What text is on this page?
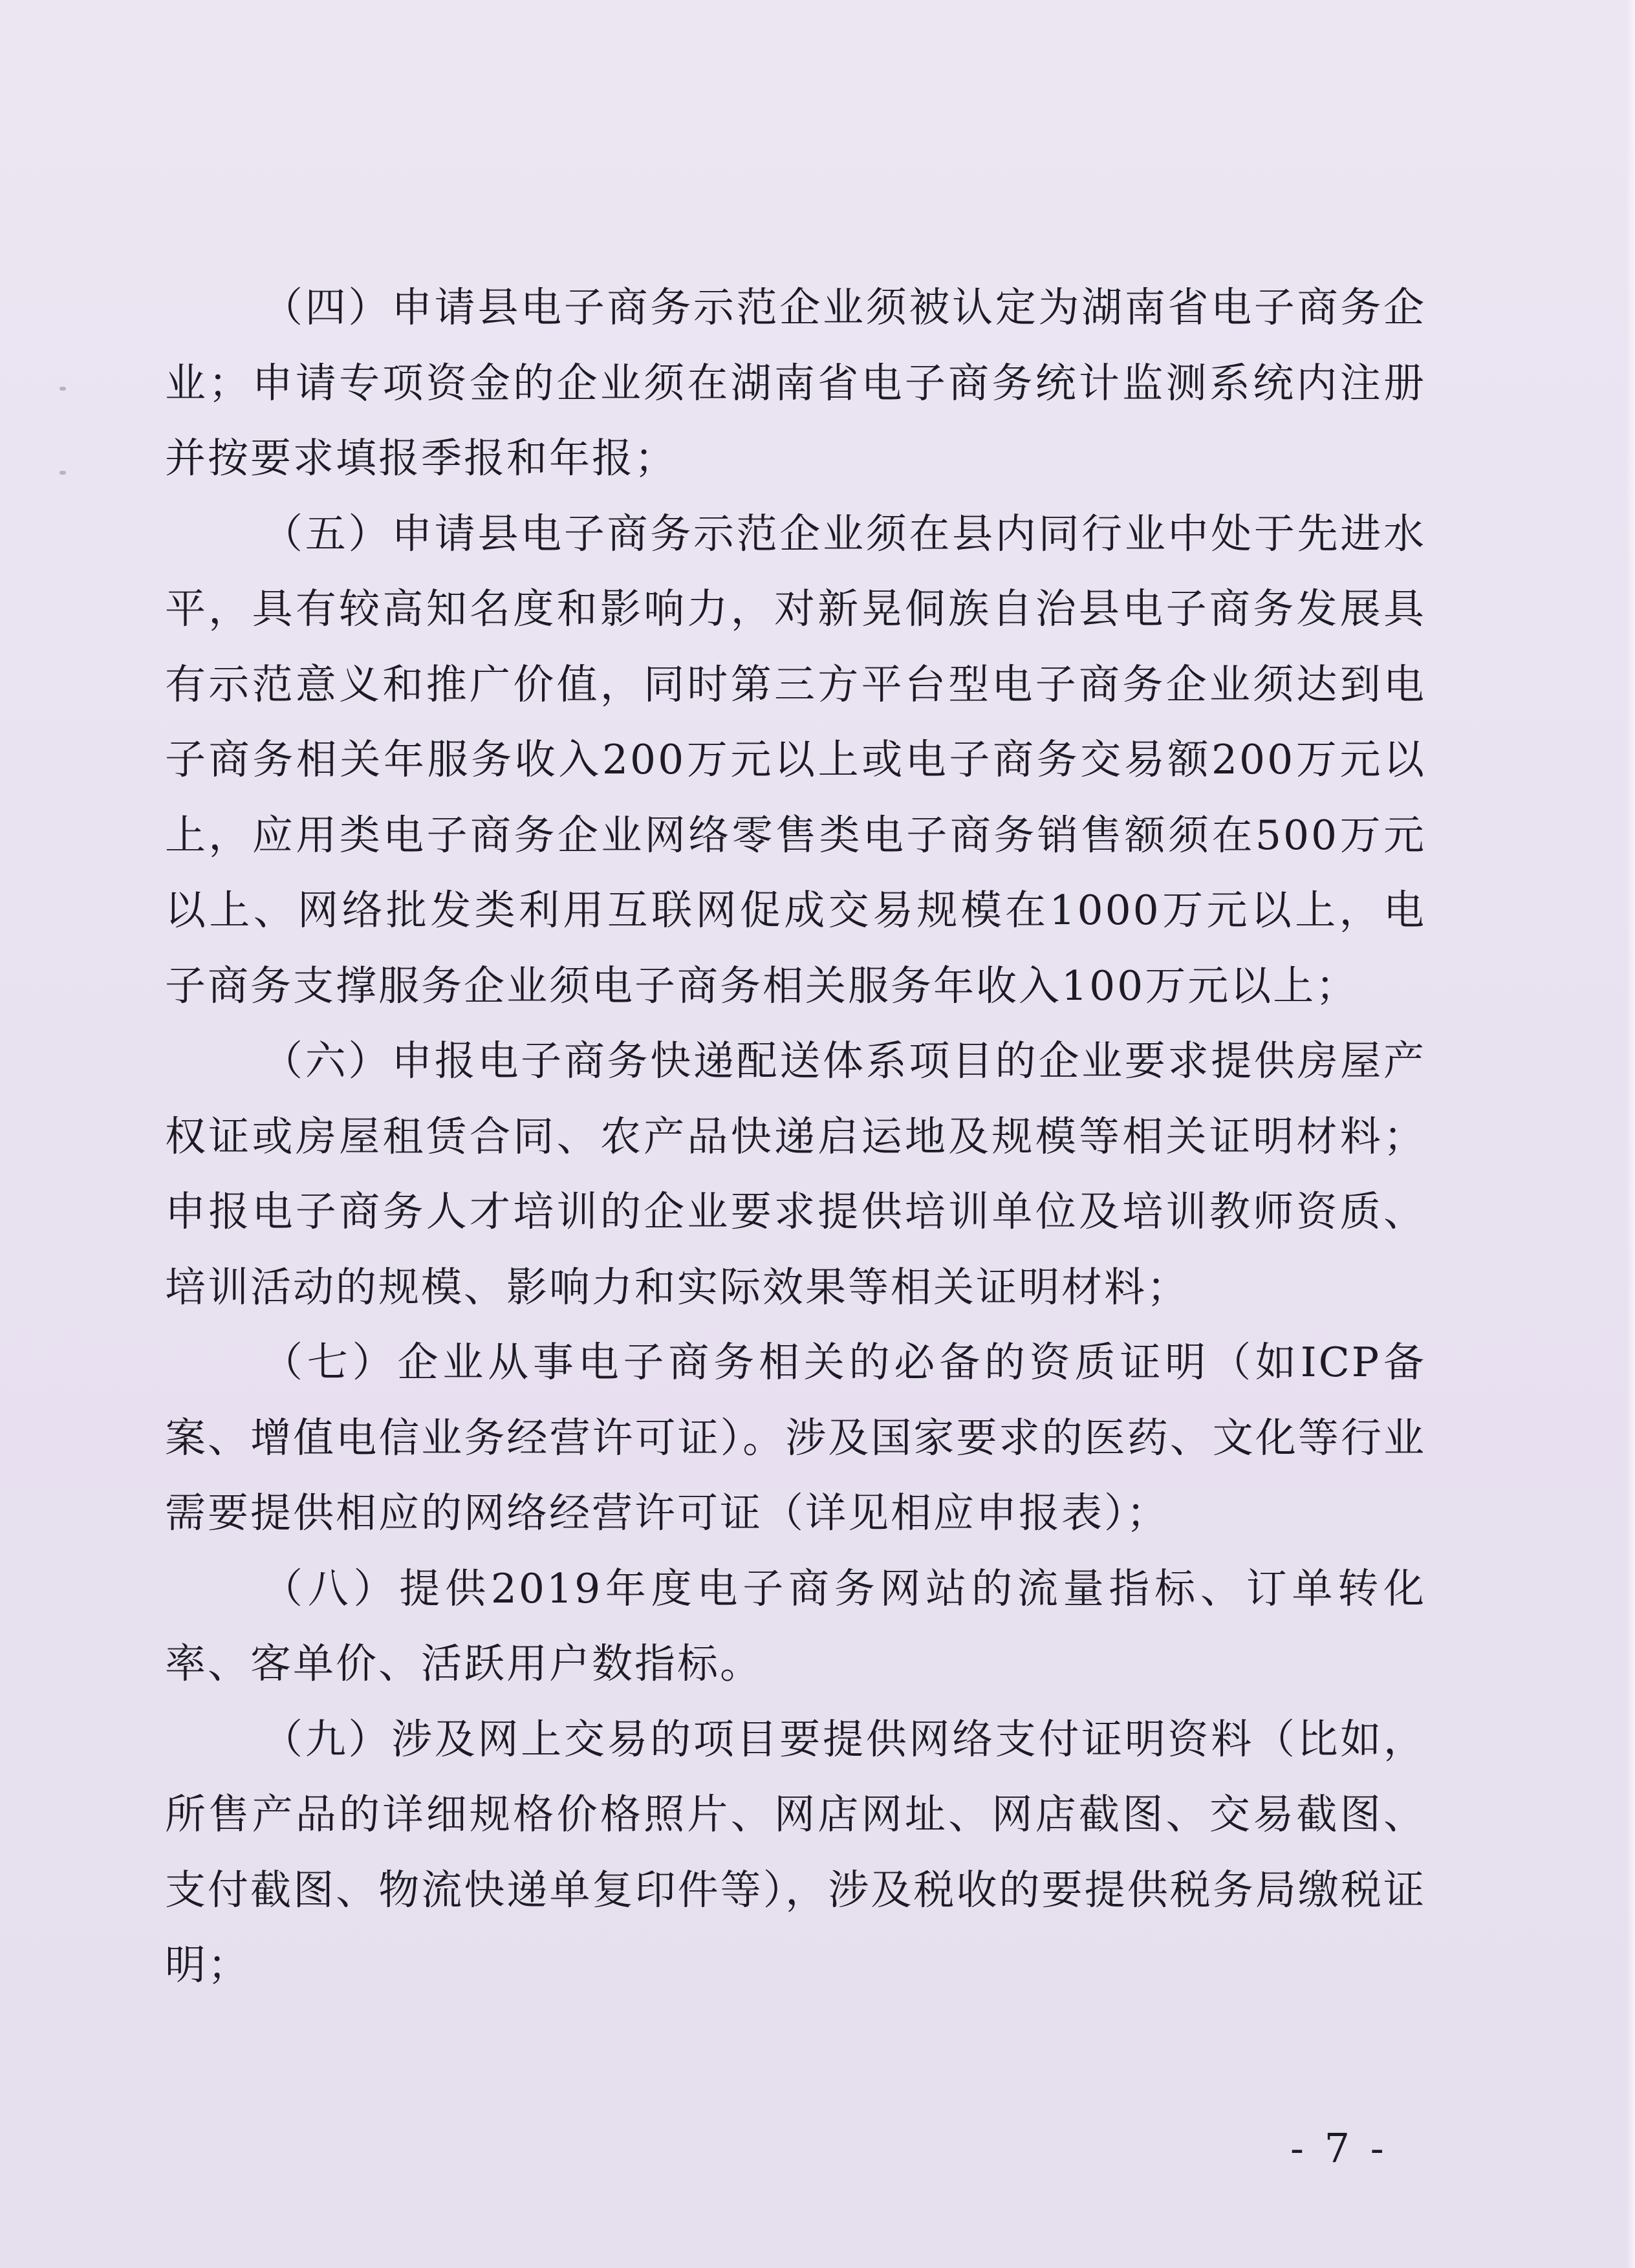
（四）申请县电子商务示范企业须被认定为湖南省电子商务企业；申请专项资金的企业须在湖南省电子商务统计监测系统内注册并按要求填报季报和年报；

（五）申请县电子商务示范企业须在县内同行业中处于先进水平，具有较高知名度和影响力，对新晃侗族自治县电子商务发展具有示范意义和推广价值，同时第三方平台型电子商务企业须达到电子商务相关年服务收入200万元以上或电子商务交易额200万元以上，应用类电子商务企业网络零售类电子商务销售额须在500万元以上、网络批发类利用互联网促成交易规模在1000万元以上，电子商务支撑服务企业须电子商务相关服务年收入100万元以上；

（六）申报电子商务快递配送体系项目的企业要求提供房屋产权证或房屋租赁合同、农产品快递启运地及规模等相关证明材料；申报电子商务人才培训的企业要求提供培训单位及培训教师资质、培训活动的规模、影响力和实际效果等相关证明材料；

（七）企业从事电子商务相关的必备的资质证明（如ICP备案、增值电信业务经营许可证）。涉及国家要求的医药、文化等行业需要提供相应的网络经营许可证（详见相应申报表）；

（八）提供2019年度电子商务网站的流量指标、订单转化率、客单价、活跃用户数指标。

（九）涉及网上交易的项目要提供网络支付证明资料（比如，所售产品的详细规格价格照片、网店网址、网店截图、交易截图、支付截图、物流快递单复印件等），涉及税收的要提供税务局缴税证明；

- 7 -
